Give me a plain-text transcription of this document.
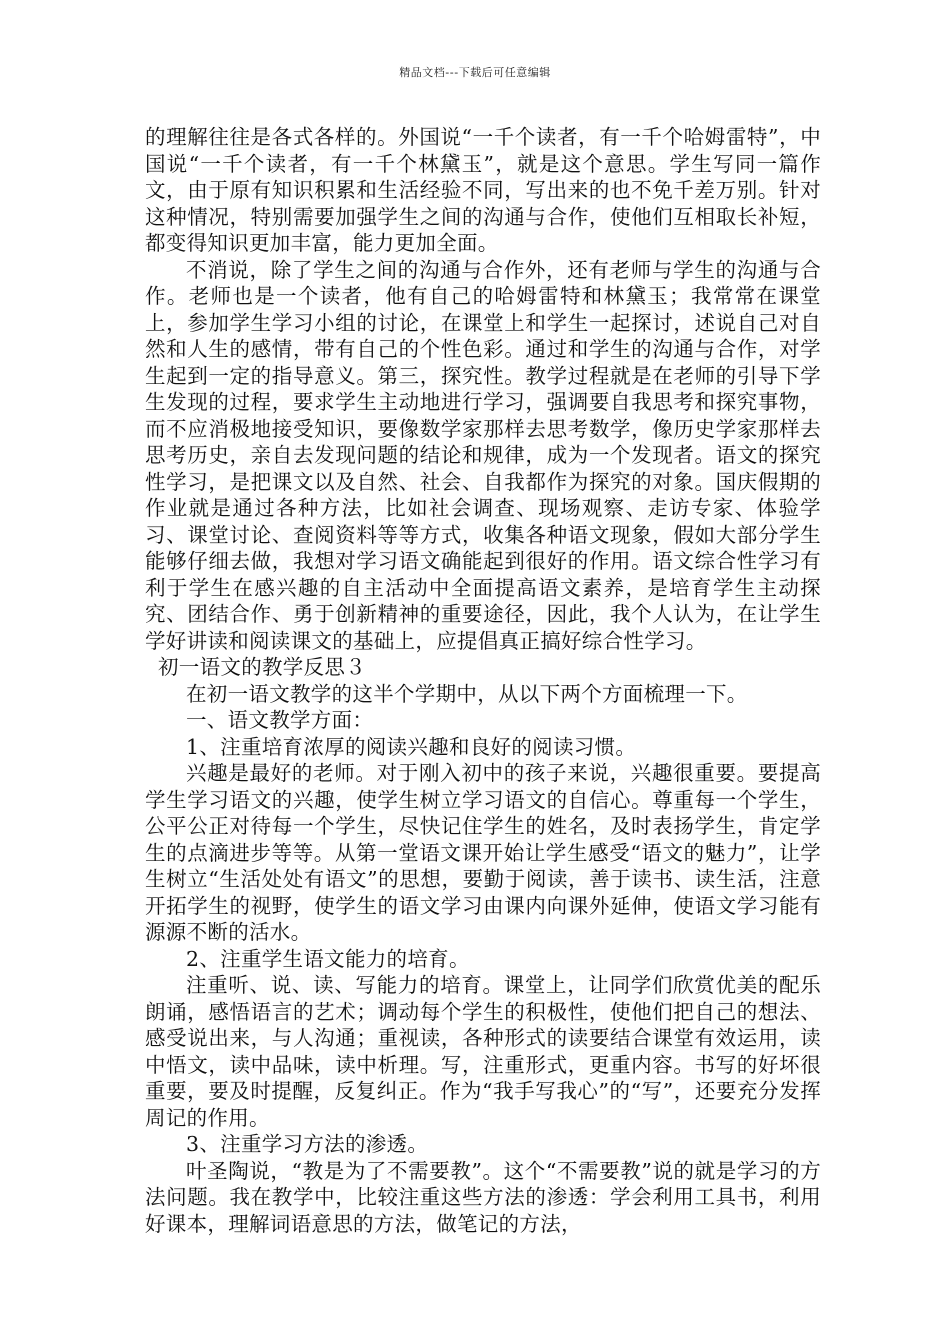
精品文档---下载后可任意编辑

的理解往往是各式各样的。外国说“一千个读者，有一千个哈姆雷特”，中国说“一千个读者，有一千个林黛玉”，就是这个意思。学生写同一篇作文，由于原有知识积累和生活经验不同，写出来的也不免千差万别。针对这种情况，特别需要加强学生之间的沟通与合作，使他们互相取长补短，都变得知识更加丰富，能力更加全面。

不消说，除了学生之间的沟通与合作外，还有老师与学生的沟通与合作。老师也是一个读者，他有自己的哈姆雷特和林黛玉；我常常在课堂上，参加学生学习小组的讨论，在课堂上和学生一起探讨，述说自己对自然和人生的感情，带有自己的个性色彩。通过和学生的沟通与合作，对学生起到一定的指导意义。第三，探究性。教学过程就是在老师的引导下学生发现的过程，要求学生主动地进行学习，强调要自我思考和探究事物，而不应消极地接受知识，要像数学家那样去思考数学，像历史学家那样去思考历史，亲自去发现问题的结论和规律，成为一个发现者。语文的探究性学习，是把课文以及自然、社会、自我都作为探究的对象。国庆假期的作业就是通过各种方法，比如社会调查、现场观察、走访专家、体验学习、课堂讨论、查阅资料等等方式，收集各种语文现象，假如大部分学生能够仔细去做，我想对学习语文确能起到很好的作用。语文综合性学习有利于学生在感兴趣的自主活动中全面提高语文素养，是培育学生主动探究、团结合作、勇于创新精神的重要途径，因此，我个人认为，在让学生学好讲读和阅读课文的基础上，应提倡真正搞好综合性学习。

初一语文的教学反思３

在初一语文教学的这半个学期中，从以下两个方面梳理一下。

一、语文教学方面：

1、注重培育浓厚的阅读兴趣和良好的阅读习惯。

兴趣是最好的老师。对于刚入初中的孩子来说，兴趣很重要。要提高学生学习语文的兴趣，使学生树立学习语文的自信心。尊重每一个学生，公平公正对待每一个学生，尽快记住学生的姓名，及时表扬学生，肯定学生的点滴进步等等。从第一堂语文课开始让学生感受“语文的魅力”，让学生树立“生活处处有语文”的思想，要勤于阅读，善于读书、读生活，注意开拓学生的视野，使学生的语文学习由课内向课外延伸，使语文学习能有源源不断的活水。

2、注重学生语文能力的培育。

注重听、说、读、写能力的培育。课堂上，让同学们欣赏优美的配乐朗诵，感悟语言的艺术；调动每个学生的积极性，使他们把自己的想法、感受说出来，与人沟通；重视读，各种形式的读要结合课堂有效运用，读中悟文，读中品味，读中析理。写，注重形式，更重内容。书写的好坏很重要，要及时提醒，反复纠正。作为“我手写我心”的“写”，还要充分发挥周记的作用。

3、注重学习方法的渗透。

叶圣陶说，“教是为了不需要教”。这个“不需要教”说的就是学习的方法问题。我在教学中，比较注重这些方法的渗透：学会利用工具书，利用好课本，理解词语意思的方法，做笔记的方法，
